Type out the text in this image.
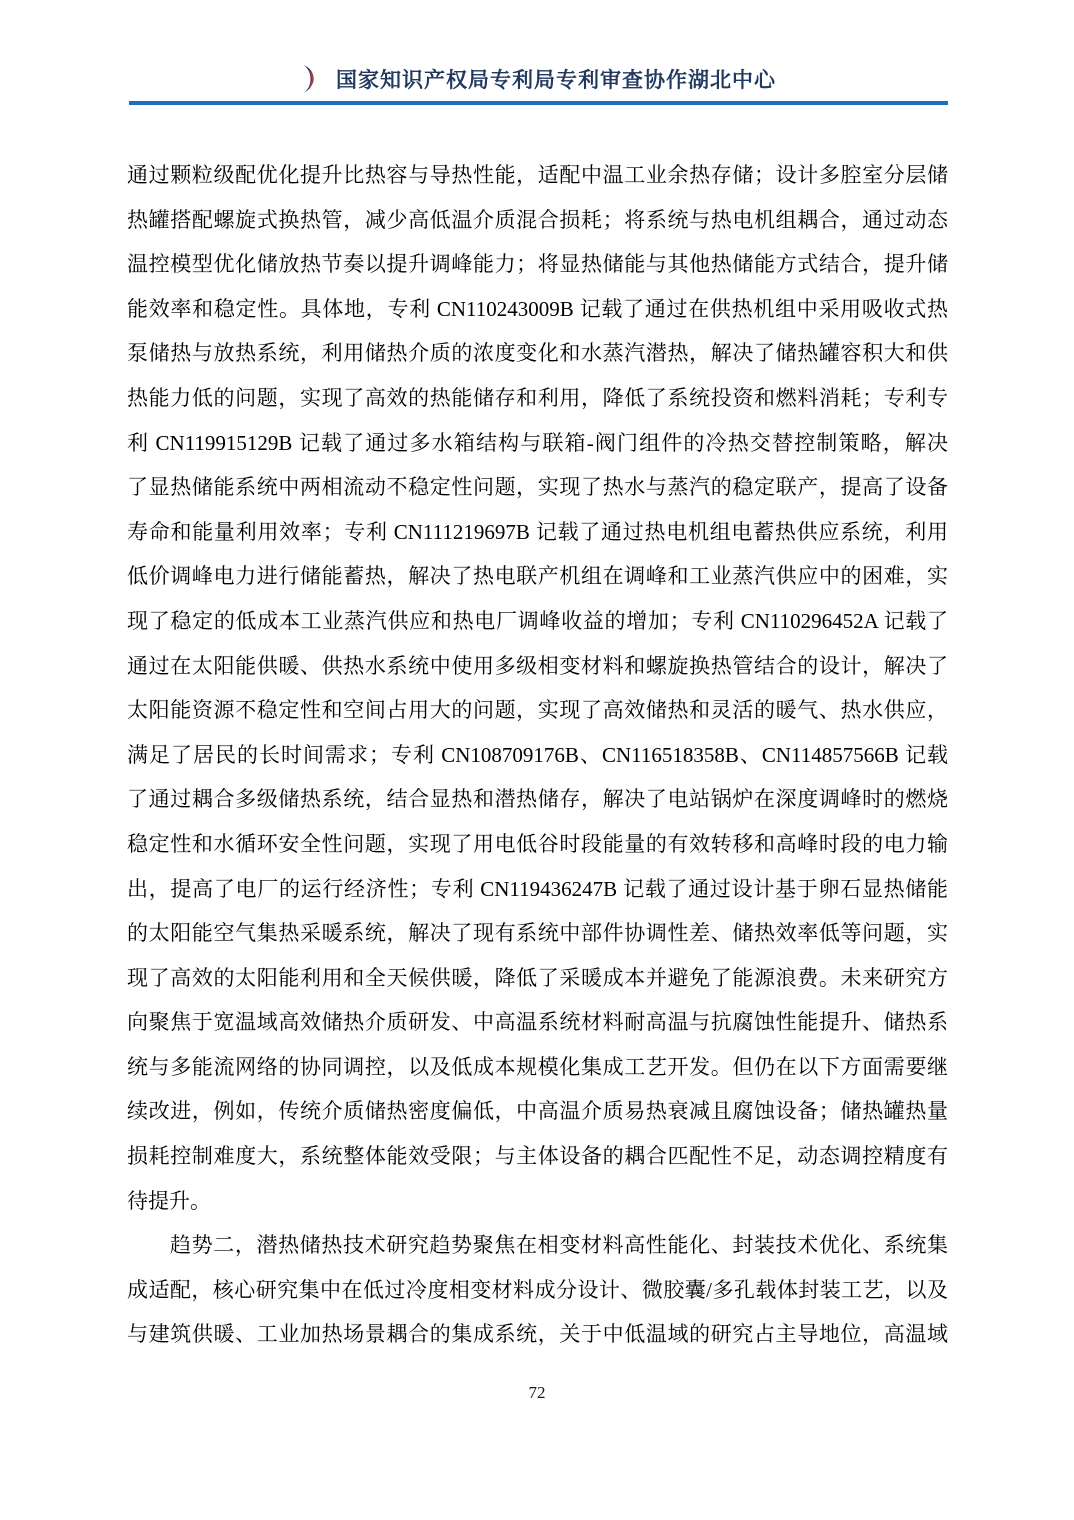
国家知识产权局专利局专利审查协作湖北中心
通过颗粒级配优化提升比热容与导热性能，适配中温工业余热存储；设计多腔室分层储
热罐搭配螺旋式换热管，减少高低温介质混合损耗；将系统与热电机组耦合，通过动态
温控模型优化储放热节奏以提升调峰能力；将显热储能与其他热储能方式结合，提升储
能效率和稳定性。具体地，专利 CN110243009B 记载了通过在供热机组中采用吸收式热
泵储热与放热系统，利用储热介质的浓度变化和水蒸汽潜热，解决了储热罐容积大和供
热能力低的问题，实现了高效的热能储存和利用，降低了系统投资和燃料消耗；专利专
利 CN119915129B 记载了通过多水箱结构与联箱-阀门组件的冷热交替控制策略，解决
了显热储能系统中两相流动不稳定性问题，实现了热水与蒸汽的稳定联产，提高了设备
寿命和能量利用效率；专利 CN111219697B 记载了通过热电机组电蓄热供应系统，利用
低价调峰电力进行储能蓄热，解决了热电联产机组在调峰和工业蒸汽供应中的困难，实
现了稳定的低成本工业蒸汽供应和热电厂调峰收益的增加；专利 CN110296452A 记载了
通过在太阳能供暖、供热水系统中使用多级相变材料和螺旋换热管结合的设计，解决了
太阳能资源不稳定性和空间占用大的问题，实现了高效储热和灵活的暖气、热水供应，
满足了居民的长时间需求；专利 CN108709176B、CN116518358B、CN114857566B 记载
了通过耦合多级储热系统，结合显热和潜热储存，解决了电站锅炉在深度调峰时的燃烧
稳定性和水循环安全性问题，实现了用电低谷时段能量的有效转移和高峰时段的电力输
出，提高了电厂的运行经济性；专利 CN119436247B 记载了通过设计基于卵石显热储能
的太阳能空气集热采暖系统，解决了现有系统中部件协调性差、储热效率低等问题，实
现了高效的太阳能利用和全天候供暖，降低了采暖成本并避免了能源浪费。未来研究方
向聚焦于宽温域高效储热介质研发、中高温系统材料耐高温与抗腐蚀性能提升、储热系
统与多能流网络的协同调控，以及低成本规模化集成工艺开发。但仍在以下方面需要继
续改进，例如，传统介质储热密度偏低，中高温介质易热衰减且腐蚀设备；储热罐热量
损耗控制难度大，系统整体能效受限；与主体设备的耦合匹配性不足，动态调控精度有
待提升。
趋势二，潜热储热技术研究趋势聚焦在相变材料高性能化、封装技术优化、系统集
成适配，核心研究集中在低过冷度相变材料成分设计、微胶囊/多孔载体封装工艺，以及
与建筑供暖、工业加热场景耦合的集成系统，关于中低温域的研究占主导地位，高温域
72
